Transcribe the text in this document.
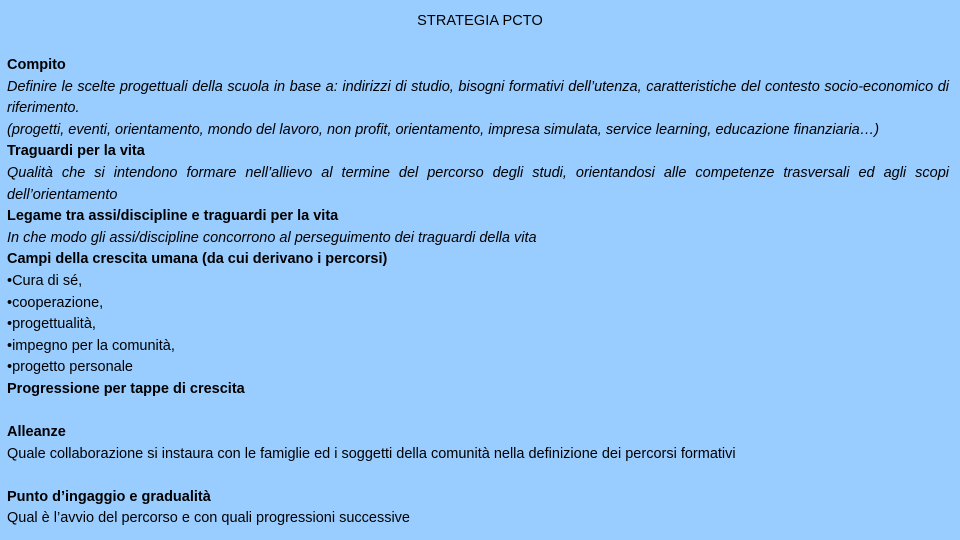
STRATEGIA PCTO

Compito

Definire le scelte progettuali della scuola in base a: indirizzi di studio, bisogni formativi dell’utenza, caratteristiche del contesto socio-economico di riferimento.

(progetti, eventi, orientamento, mondo del lavoro, non profit, orientamento, impresa simulata, service learning, educazione finanziaria…)

Traguardi per la vita

Qualità che si intendono formare nell’allievo al termine del percorso degli studi, orientandosi alle competenze trasversali ed agli scopi dell’orientamento

Legame tra assi/discipline e traguardi per la vita

In che modo gli assi/discipline concorrono al perseguimento dei traguardi della vita

Campi della crescita umana (da cui derivano i percorsi)

•Cura di sé,

•cooperazione,

•progettualità,

•impegno per la comunità,

•progetto personale

Progressione per tappe di crescita

Alleanze

Quale collaborazione si instaura con le famiglie ed i soggetti della comunità nella definizione dei percorsi formativi

Punto d’ingaggio e gradualità

Qual è l’avvio del percorso e con quali progressioni successive
